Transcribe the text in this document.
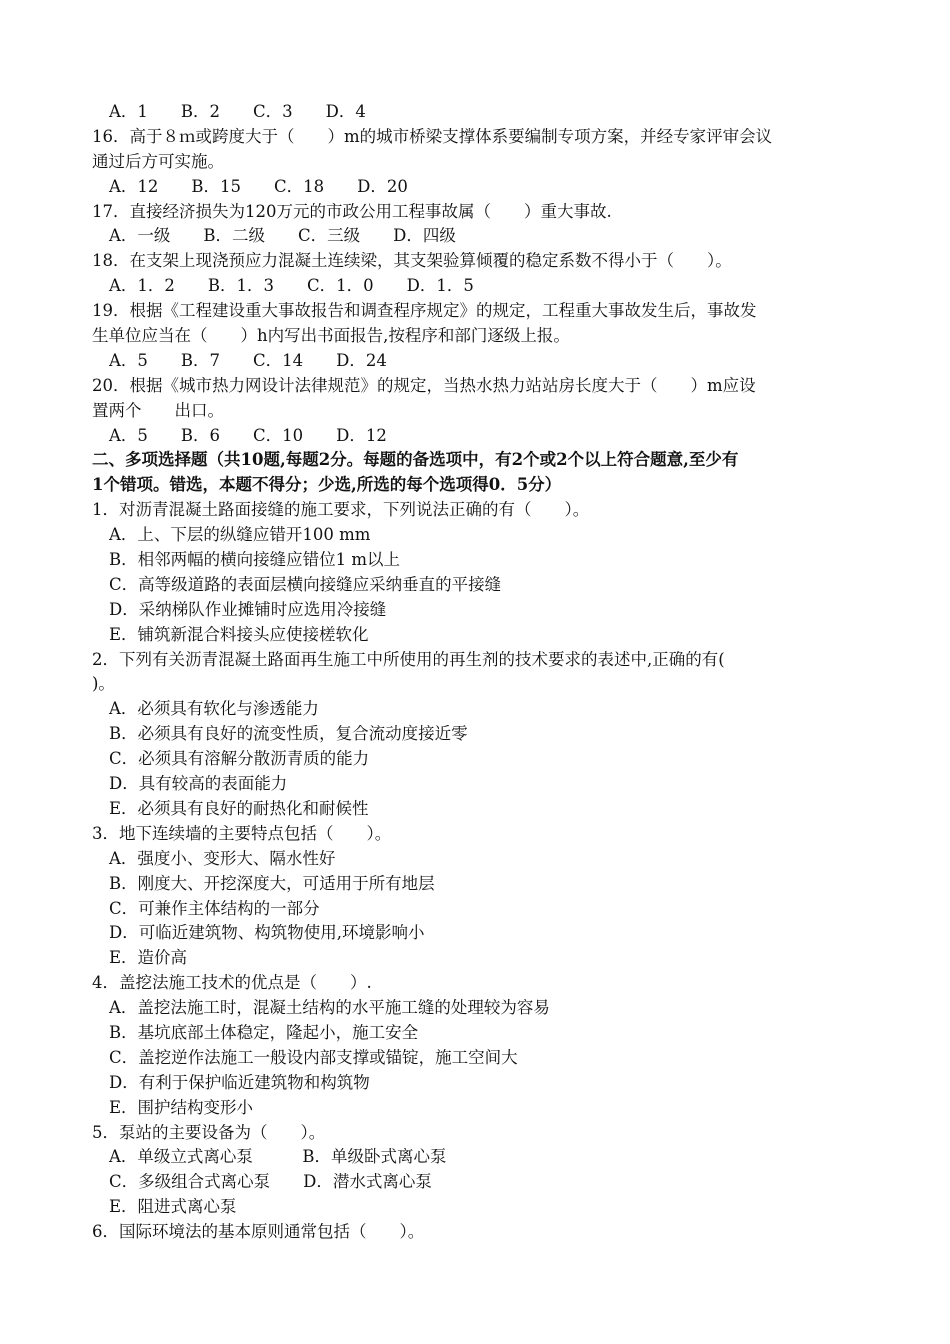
A．1　　B．2　　C．3　　D．4
16．高于８ｍ或跨度大于（　　）m的城市桥梁支撑体系要编制专项方案，并经专家评审会议
通过后方可实施。
A．12　　B．15　　C．18　　D．20
17．直接经济损失为120万元的市政公用工程事故属（　　）重大事故.
A．一级　　B．二级　　C．三级　　D．四级
18．在支架上现浇预应力混凝土连续梁，其支架验算倾覆的稳定系数不得小于（　　）。
A．1．2　　B．1．3　　C．1．0　　D．1．5
19．根据《工程建设重大事故报告和调查程序规定》的规定，工程重大事故发生后，事故发
生单位应当在（　　）h内写出书面报告,按程序和部门逐级上报。
A．5　　B．7　　C．14　　D．24
20．根据《城市热力网设计法律规范》的规定，当热水热力站站房长度大于（　　）m应设
置两个　　出口。
A．5　　B．6　　C．10　　D．12
二、多项选择题（共10题,每题2分。每题的备选项中，有2个或2个以上符合题意,至少有
1个错项。错选，本题不得分；少选,所选的每个选项得0．5分）
1．对沥青混凝土路面接缝的施工要求，下列说法正确的有（　　）。
A．上、下层的纵缝应错开100 mm
B．相邻两幅的横向接缝应错位1 m以上
C．高等级道路的表面层横向接缝应采纳垂直的平接缝
D．采纳梯队作业摊铺时应选用冷接缝
E．铺筑新混合料接头应使接槎软化
2．下列有关沥青混凝土路面再生施工中所使用的再生剂的技术要求的表述中,正确的有(
)。
A．必须具有软化与渗透能力
B．必须具有良好的流变性质，复合流动度接近零
C．必须具有溶解分散沥青质的能力
D．具有较高的表面能力
E．必须具有良好的耐热化和耐候性
3．地下连续墙的主要特点包括（　　）。
A．强度小、变形大、隔水性好
B．刚度大、开挖深度大，可适用于所有地层
C．可兼作主体结构的一部分
D．可临近建筑物、构筑物使用,环境影响小
E．造价高
4．盖挖法施工技术的优点是（　　）.
A．盖挖法施工时，混凝土结构的水平施工缝的处理较为容易
B．基坑底部土体稳定，隆起小，施工安全
C．盖挖逆作法施工一般设内部支撑或锚锭，施工空间大
D．有利于保护临近建筑物和构筑物
E．围护结构变形小
5．泵站的主要设备为（　　）。
A．单级立式离心泵　　　B．单级卧式离心泵
C．多级组合式离心泵　　D．潜水式离心泵
E．阻进式离心泵
6．国际环境法的基本原则通常包括（　　）。
